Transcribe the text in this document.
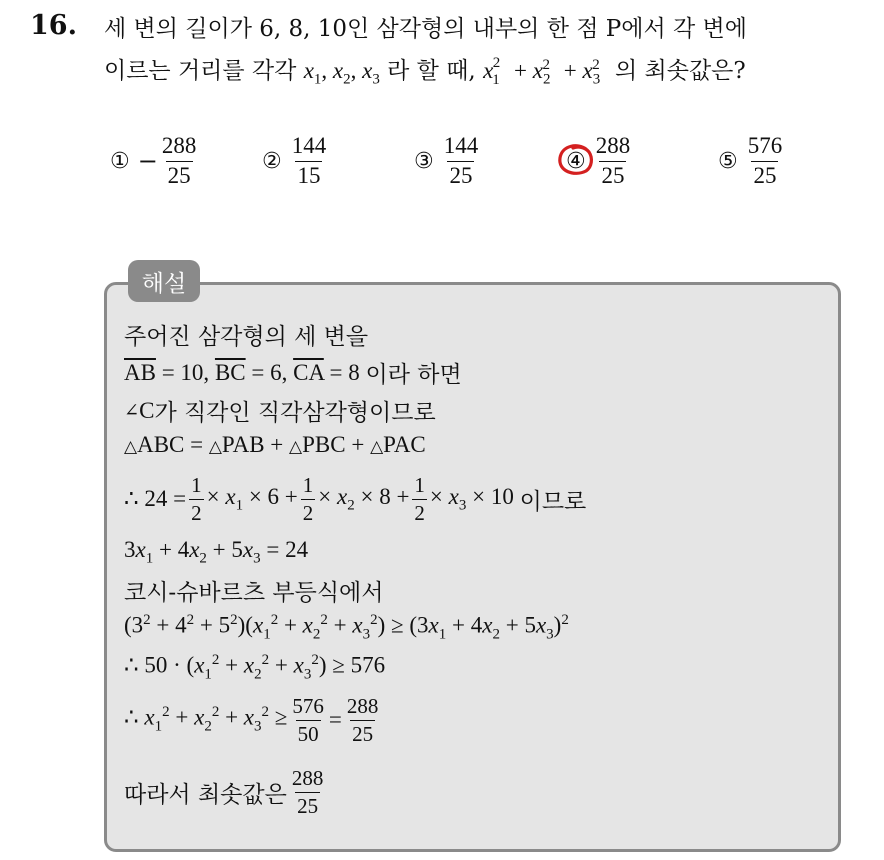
16. 세 변의 길이가 6, 8, 10인 삼각형의 내부의 한 점 P에서 각 변에
이르는 거리를 각각 $x_1$, $x_2$, $x_3$ 라 할 때, $x_1^2 + x_2^2 + x_3^2$ 의 최솟값은?
① − $\frac{288}{25}$	② $\frac{144}{15}$	③ $\frac{144}{25}$	④ $\frac{288}{25}$	⑤ $\frac{576}{25}$
해설
주어진 삼각형의 세 변을
$\overline{AB} = 10$, $\overline{BC} = 6$, $\overline{CA} = 8$ 이라 하면
∠ C 가 직각인 직각삼각형이므로
△ABC = △PAB + △PBC + △PAC
∴ $24 = \frac{1}{2} \times x_1 \times 6 + \frac{1}{2} \times x_2 \times 8 + \frac{1}{2} \times x_3 \times 10$ 이므로
$3x_1 + 4x_2 + 5x_3 = 24$
코시-슈바르츠 부등식에서
$(3^2 + 4^2 + 5^2)(x_1^2 + x_2^2 + x_3^2) \ge (3x_1 + 4x_2 + 5x_3)^2$
∴ $50 \cdot (x_1^2 + x_2^2 + x_3^2) \ge 576$
∴ $x_1^2 + x_2^2 + x_3^2 \ge \frac{576}{50} = \frac{288}{25}$
따라서 최솟값은 $\frac{288}{25}$
